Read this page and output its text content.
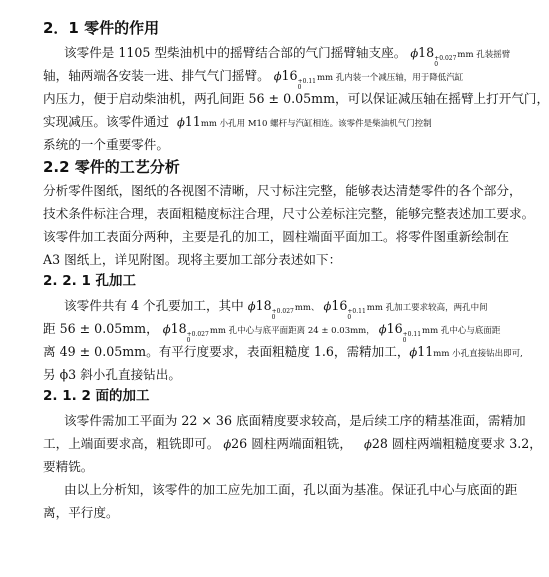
2．1 零件的作用
该零件是 1105 型柴油机中的摇臂结合部的气门摇臂轴支座。 ϕ18 +0.027
0
mm 孔装摇臂
轴，轴两端各安装一进、排气气门摇臂。 ϕ16 +0.11
0
mm 孔内装一个减压轴，用于降低汽缸
内压力，便于启动柴油机，两孔间距 56 ± 0.05mm，可以保证减压轴在摇臂上打开气门，
实现减压。该零件通过 ϕ11mm 小孔用 M10 螺杆与汽缸相连。该零件是柴油机气门控制
系统的一个重要零件。
2.2 零件的工艺分析
分析零件图纸，图纸的各视图不清晰，尺寸标注完整，能够表达清楚零件的各个部分，
技术条件标注合理，表面粗糙度标注合理，尺寸公差标注完整，能够完整表述加工要求。
该零件加工表面分两种，主要是孔的加工，圆柱端面平面加工。将零件图重新绘制在
A3 图纸上，详见附图。现将主要加工部分表述如下：
2. 2. 1 孔加工
该零件共有 4 个孔要加工，其中 ϕ18 +0.027
0
mm、 ϕ16 +0.11
0
mm 孔加工要求较高，两孔中间
距 56 ± 0.05mm， ϕ18 +0.027
0
mm 孔中心与底平面距离 24 ± 0.03mm， ϕ16 +0.11
0
mm 孔中心与底面距
离 49 ± 0.05mm。有平行度要求，表面粗糙度 1.6，需精加工，ϕ11mm 小孔直接钻出即可,
另 ϕ3 斜小孔直接钻出。
2. 1. 2 面的加工
该零件需加工平面为 22 × 36 底面精度要求较高，是后续工序的精基准面，需精加
工，上端面要求高，粗铣即可。 ϕ26 圆柱两端面粗铣， ϕ28 圆柱两端粗糙度要求 3.2，
要精铣。
由以上分析知，该零件的加工应先加工面，孔以面为基准。保证孔中心与底面的距
离，平行度。
